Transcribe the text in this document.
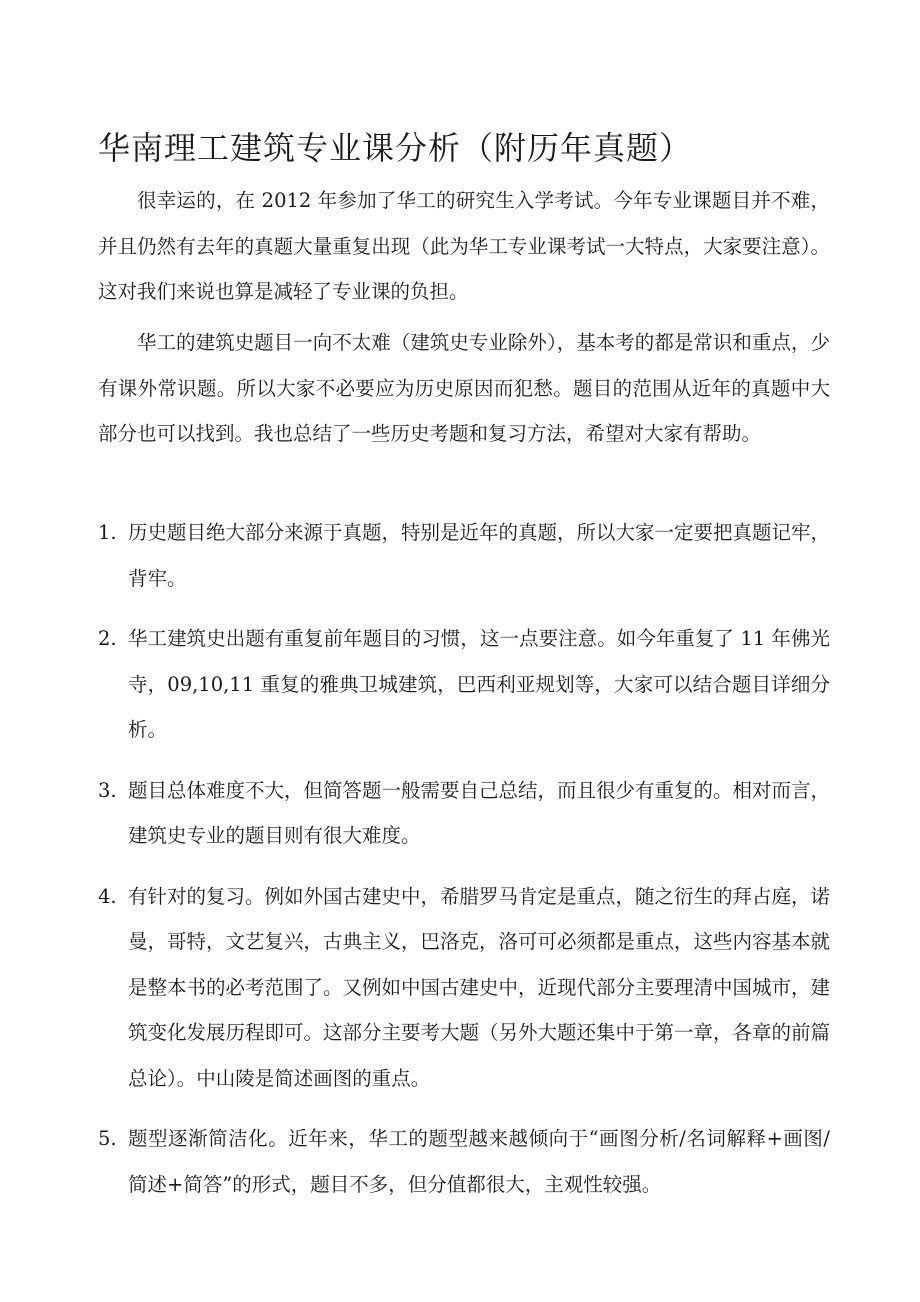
华南理工建筑专业课分析（附历年真题）

很幸运的，在 2012 年参加了华工的研究生入学考试。今年专业课题目并不难，并且仍然有去年的真题大量重复出现（此为华工专业课考试一大特点，大家要注意）。这对我们来说也算是减轻了专业课的负担。

华工的建筑史题目一向不太难（建筑史专业除外），基本考的都是常识和重点，少有课外常识题。所以大家不必要应为历史原因而犯愁。题目的范围从近年的真题中大部分也可以找到。我也总结了一些历史考题和复习方法，希望对大家有帮助。

1. 历史题目绝大部分来源于真题，特别是近年的真题，所以大家一定要把真题记牢，背牢。
2. 华工建筑史出题有重复前年题目的习惯，这一点要注意。如今年重复了 11 年佛光寺，09,10,11 重复的雅典卫城建筑，巴西利亚规划等，大家可以结合题目详细分析。
3. 题目总体难度不大，但简答题一般需要自己总结，而且很少有重复的。相对而言，建筑史专业的题目则有很大难度。
4. 有针对的复习。例如外国古建史中，希腊罗马肯定是重点，随之衍生的拜占庭，诺曼，哥特，文艺复兴，古典主义，巴洛克，洛可可必须都是重点，这些内容基本就是整本书的必考范围了。又例如中国古建史中，近现代部分主要理清中国城市，建筑变化发展历程即可。这部分主要考大题（另外大题还集中于第一章，各章的前篇总论）。中山陵是简述画图的重点。
5. 题型逐渐简洁化。近年来，华工的题型越来越倾向于“画图分析/名词解释+画图/简述+简答”的形式，题目不多，但分值都很大，主观性较强。
